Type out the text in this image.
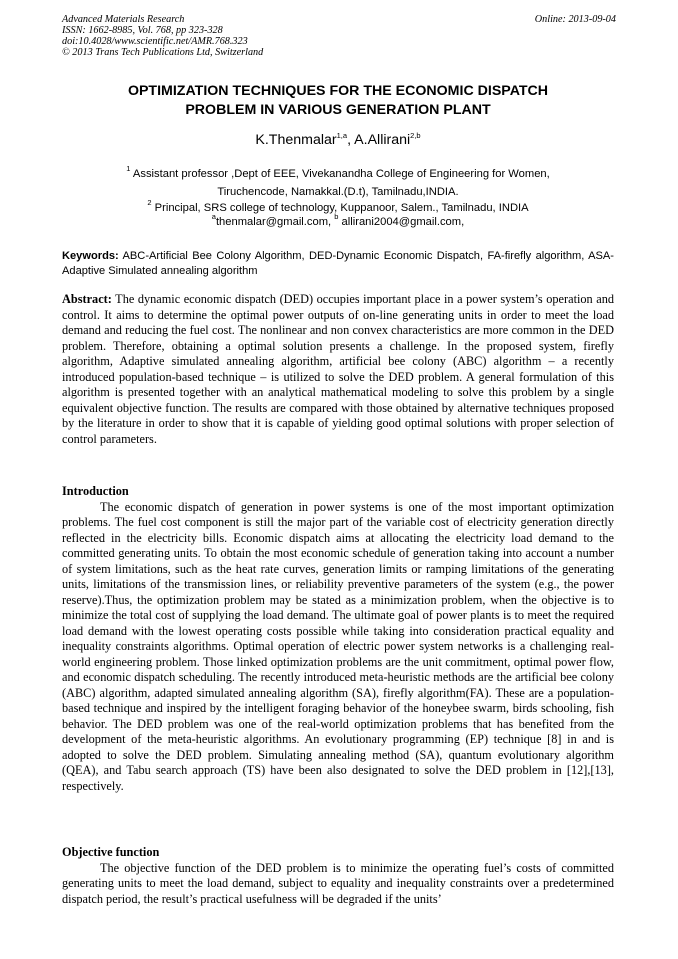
Advanced Materials Research	Online: 2013-09-04
ISSN: 1662-8985, Vol. 768, pp 323-328
doi:10.4028/www.scientific.net/AMR.768.323
© 2013 Trans Tech Publications Ltd, Switzerland
OPTIMIZATION TECHNIQUES FOR THE ECONOMIC DISPATCH
PROBLEM IN VARIOUS GENERATION PLANT
K.Thenmalar$^{1,a}$, A.Allirani$^{2,b}$
$^1$ Assistant professor ,Dept of EEE, Vivekanandha College of Engineering for Women,
Tiruchencode, Namakkal.(D.t), Tamilnadu,INDIA.
$^2$ Principal, SRS college of technology, Kuppanoor, Salem., Tamilnadu, INDIA
$^a$thenmalar@gmail.com, $^b$ allirani2004@gmail.com,
Keywords: ABC-Artificial Bee Colony Algorithm, DED-Dynamic Economic Dispatch, FA-firefly algorithm, ASA-Adaptive Simulated annealing algorithm
Abstract: The dynamic economic dispatch (DED) occupies important place in a power system’s operation and control. It aims to determine the optimal power outputs of on-line generating units in order to meet the load demand and reducing the fuel cost. The nonlinear and non convex characteristics are more common in the DED problem. Therefore, obtaining a optimal solution presents a challenge. In the proposed system, firefly algorithm, Adaptive simulated annealing algorithm, artificial bee colony (ABC) algorithm – a recently introduced population-based technique – is utilized to solve the DED problem. A general formulation of this algorithm is presented together with an analytical mathematical modeling to solve this problem by a single equivalent objective function. The results are compared with those obtained by alternative techniques proposed by the literature in order to show that it is capable of yielding good optimal solutions with proper selection of control parameters.
Introduction
The economic dispatch of generation in power systems is one of the most important optimization problems. The fuel cost component is still the major part of the variable cost of electricity generation directly reflected in the electricity bills. Economic dispatch aims at allocating the electricity load demand to the committed generating units. To obtain the most economic schedule of generation taking into account a number of system limitations, such as the heat rate curves, generation limits or ramping limitations of the generating units, limitations of the transmission lines, or reliability preventive parameters of the system (e.g., the power reserve).Thus, the optimization problem may be stated as a minimization problem, when the objective is to minimize the total cost of supplying the load demand. The ultimate goal of power plants is to meet the required load demand with the lowest operating costs possible while taking into consideration practical equality and inequality constraints algorithms. Optimal operation of electric power system networks is a challenging real-world engineering problem. Those linked optimization problems are the unit commitment, optimal power flow, and economic dispatch scheduling. The recently introduced meta-heuristic methods are the artificial bee colony (ABC) algorithm, adapted simulated annealing algorithm (SA), firefly algorithm(FA). These are a population-based technique and inspired by the intelligent foraging behavior of the honeybee swarm, birds schooling, fish behavior. The DED problem was one of the real-world optimization problems that has benefited from the development of the meta-heuristic algorithms. An evolutionary programming (EP) technique [8] in and is adopted to solve the DED problem. Simulating annealing method (SA), quantum evolutionary algorithm (QEA), and Tabu search approach (TS) have been also designated to solve the DED problem in [12],[13], respectively.
Objective function
The objective function of the DED problem is to minimize the operating fuel’s costs of committed generating units to meet the load demand, subject to equality and inequality constraints over a predetermined dispatch period, the result’s practical usefulness will be degraded if the units’
